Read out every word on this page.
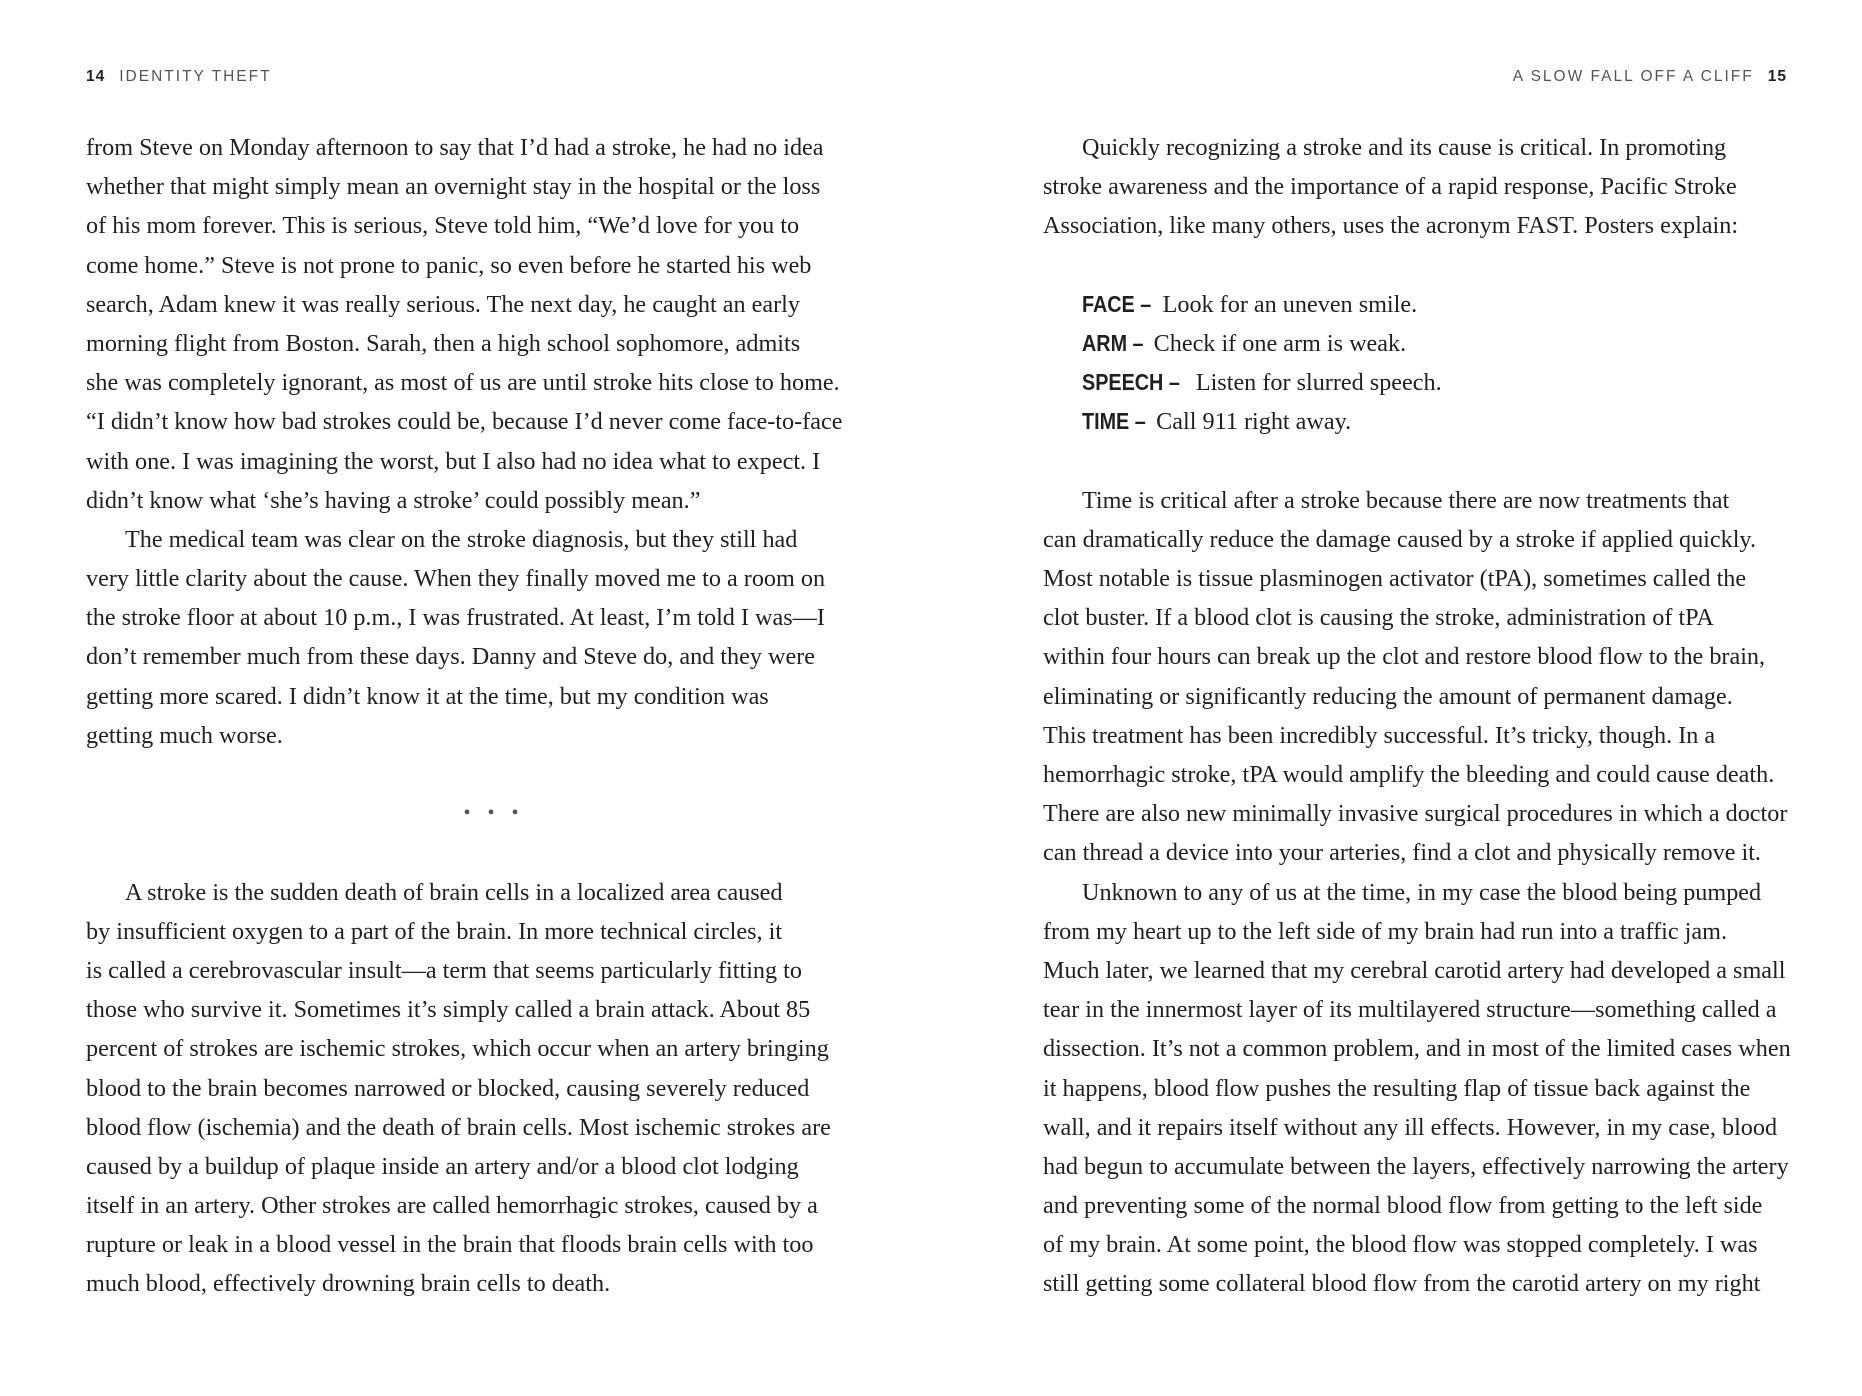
14 IDENTITY THEFT
from Steve on Monday afternoon to say that I’d had a stroke, he had no idea
whether that might simply mean an overnight stay in the hospital or the loss
of his mom forever. This is serious, Steve told him, “We’d love for you to
come home.” Steve is not prone to panic, so even before he started his web
search, Adam knew it was really serious. The next day, he caught an early
morning flight from Boston. Sarah, then a high school sophomore, admits
she was completely ignorant, as most of us are until stroke hits close to home.
“I didn’t know how bad strokes could be, because I’d never come face-to-face
with one. I was imagining the worst, but I also had no idea what to expect. I
didn’t know what ‘she’s having a stroke’ could possibly mean.”
The medical team was clear on the stroke diagnosis, but they still had
very little clarity about the cause. When they finally moved me to a room on
the stroke floor at about 10 p.m., I was frustrated. At least, I’m told I was—I
don’t remember much from these days. Danny and Steve do, and they were
getting more scared. I didn’t know it at the time, but my condition was
getting much worse.
• • •
A stroke is the sudden death of brain cells in a localized area caused
by insufficient oxygen to a part of the brain. In more technical circles, it
is called a cerebrovascular insult—a term that seems particularly fitting to
those who survive it. Sometimes it’s simply called a brain attack. About 85
percent of strokes are ischemic strokes, which occur when an artery bringing
blood to the brain becomes narrowed or blocked, causing severely reduced
blood flow (ischemia) and the death of brain cells. Most ischemic strokes are
caused by a buildup of plaque inside an artery and/or a blood clot lodging
itself in an artery. Other strokes are called hemorrhagic strokes, caused by a
rupture or leak in a blood vessel in the brain that floods brain cells with too
much blood, effectively drowning brain cells to death.
A SLOW FALL OFF A CLIFF 15
Quickly recognizing a stroke and its cause is critical. In promoting
stroke awareness and the importance of a rapid response, Pacific Stroke
Association, like many others, uses the acronym FAST. Posters explain:
FACE – Look for an uneven smile.
ARM – Check if one arm is weak.
SPEECH – Listen for slurred speech.
TIME – Call 911 right away.
Time is critical after a stroke because there are now treatments that
can dramatically reduce the damage caused by a stroke if applied quickly.
Most notable is tissue plasminogen activator (tPA), sometimes called the
clot buster. If a blood clot is causing the stroke, administration of tPA
within four hours can break up the clot and restore blood flow to the brain,
eliminating or significantly reducing the amount of permanent damage.
This treatment has been incredibly successful. It’s tricky, though. In a
hemorrhagic stroke, tPA would amplify the bleeding and could cause death.
There are also new minimally invasive surgical procedures in which a doctor
can thread a device into your arteries, find a clot and physically remove it.
Unknown to any of us at the time, in my case the blood being pumped
from my heart up to the left side of my brain had run into a traffic jam.
Much later, we learned that my cerebral carotid artery had developed a small
tear in the innermost layer of its multilayered structure—something called a
dissection. It’s not a common problem, and in most of the limited cases when
it happens, blood flow pushes the resulting flap of tissue back against the
wall, and it repairs itself without any ill effects. However, in my case, blood
had begun to accumulate between the layers, effectively narrowing the artery
and preventing some of the normal blood flow from getting to the left side
of my brain. At some point, the blood flow was stopped completely. I was
still getting some collateral blood flow from the carotid artery on my right
